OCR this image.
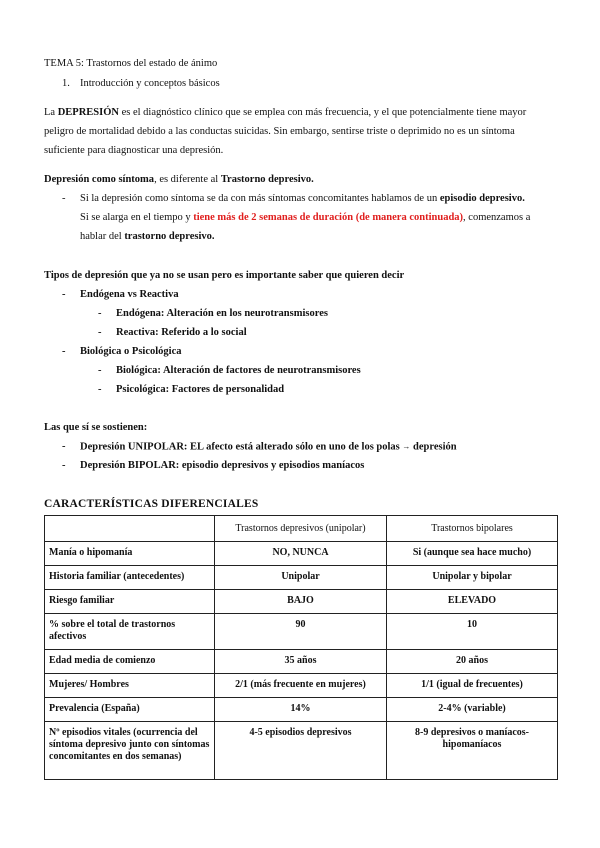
TEMA 5: Trastornos del estado de ánimo
1. Introducción y conceptos básicos
La DEPRESIÓN es el diagnóstico clínico que se emplea con más frecuencia, y el que potencialmente tiene mayor
peligro de mortalidad debido a las conductas suicidas. Sin embargo, sentirse triste o deprimido no es un síntoma
suficiente para diagnosticar una depresión.
Depresión como síntoma, es diferente al Trastorno depresivo.
- Si la depresión como síntoma se da con más síntomas concomitantes hablamos de un episodio depresivo.
Si se alarga en el tiempo y tiene más de 2 semanas de duración (de manera continuada), comenzamos a
hablar del trastorno depresivo.
Tipos de depresión que ya no se usan pero es importante saber que quieren decir
- Endógena vs Reactiva
- Endógena: Alteración en los neurotransmisores
- Reactiva: Referido a lo social
- Biológica o Psicológica
- Biológica: Alteración de factores de neurotransmisores
- Psicológica: Factores de personalidad
Las que sí se sostienen:
- Depresión UNIPOLAR: EL afecto está alterado sólo en uno de los polas → depresión
- Depresión BIPOLAR: episodio depresivos y episodios maníacos
CARACTERÍSTICAS DIFERENCIALES
	Trastornos depresivos (unipolar)	Trastornos bipolares
Manía o hipomanía	NO, NUNCA	Si (aunque sea hace mucho)
Historia familiar (antecedentes)	Unipolar	Unipolar y bipolar
Riesgo familiar	BAJO	ELEVADO
% sobre el total de trastornos afectivos	90	10
Edad media de comienzo	35 años	20 años
Mujeres/ Hombres	2/1 (más frecuente en mujeres)	1/1 (igual de frecuentes)
Prevalencia (España)	14%	2-4% (variable)
Nº episodios vitales (ocurrencia del síntoma depresivo junto con síntomas concomitantes en dos semanas)	4-5 episodios depresivos	8-9 depresivos o maníacos-hipomaníacos
